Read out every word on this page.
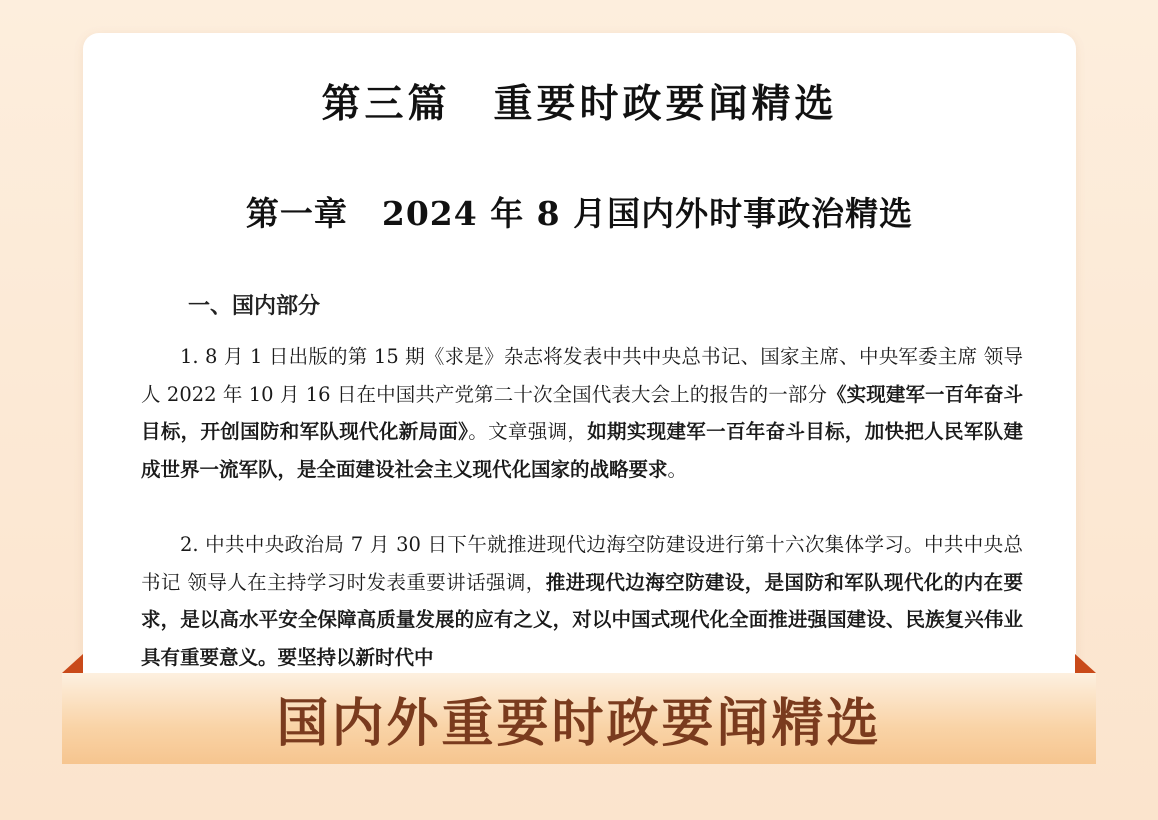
第三篇　重要时政要闻精选
第一章　2024 年 8 月国内外时事政治精选
一、国内部分

1. 8 月 1 日出版的第 15 期《求是》杂志将发表中共中央总书记、国家主席、中央军委主席 领导人 2022 年 10 月 16 日在中国共产党第二十次全国代表大会上的报告的一部分《实现建军一百年奋斗目标，开创国防和军队现代化新局面》。文章强调，如期实现建军一百年奋斗目标，加快把人民军队建成世界一流军队，是全面建设社会主义现代化国家的战略要求。

2. 中共中央政治局 7 月 30 日下午就推进现代边海空防建设进行第十六次集体学习。中共中央总书记 领导人在主持学习时发表重要讲话强调，推进现代边海空防建设，是国防和军队现代化的内在要求，是以高水平安全保障高质量发展的应有之义，对以中国式现代化全面推进强国建设、民族复兴伟业具有重要意义。要坚持以新时代中

国内外重要时政要闻精选
